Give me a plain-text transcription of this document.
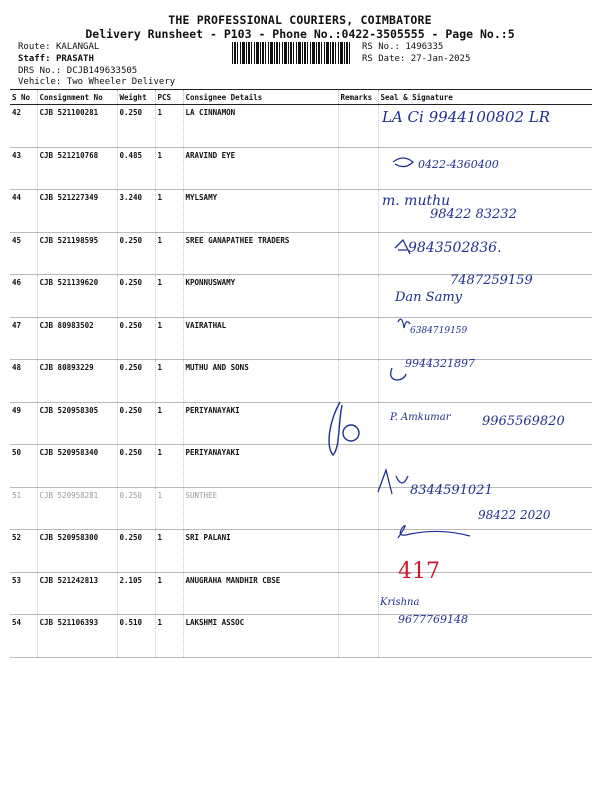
THE PROFESSIONAL COURIERS, COIMBATORE
Delivery Runsheet - P103 - Phone No.:0422-3505555 - Page No.:5
Route: KALANGAL
Staff: PRASATH
DRS No.: DCJB149633505
Vehicle: Two Wheeler Delivery
RS No.: 1496335
RS Date: 27-Jan-2025
S No	Consignment No	Weight	PCS	Consignee Details	Remarks	Seal & Signature
42	CJB 521100281	0.250	1	LA CINNAMON		
43	CJB 521210768	0.485	1	ARAVIND EYE		
44	CJB 521227349	3.240	1	MYLSAMY		
45	CJB 521198595	0.250	1	SREE GANAPATHEE TRADERS		
46	CJB 521139620	0.250	1	KPONNUSWAMY		
47	CJB 80983502	0.250	1	VAIRATHAL		
48	CJB 80893229	0.250	1	MUTHU AND SONS		
49	CJB 520958305	0.250	1	PERIYANAYAKI		
50	CJB 520958340	0.250	1	PERIYANAYAKI		
51	CJB 520958281	0.250	1	SUNTHEE		
52	CJB 520958300	0.250	1	SRI PALANI		
53	CJB 521242813	2.105	1	ANUGRAHA MANDHIR CBSE		
54	CJB 521106393	0.510	1	LAKSHMI ASSOC		
LA Ci 9944100802 LR
0422-4360400
m. muthu
98422 83232
9843502836.
7487259159
Dan Samy
6384719159
9944321897
P. Amkumar 9965569820
8344591021
98422 2020
417
Krishna
9677769148
